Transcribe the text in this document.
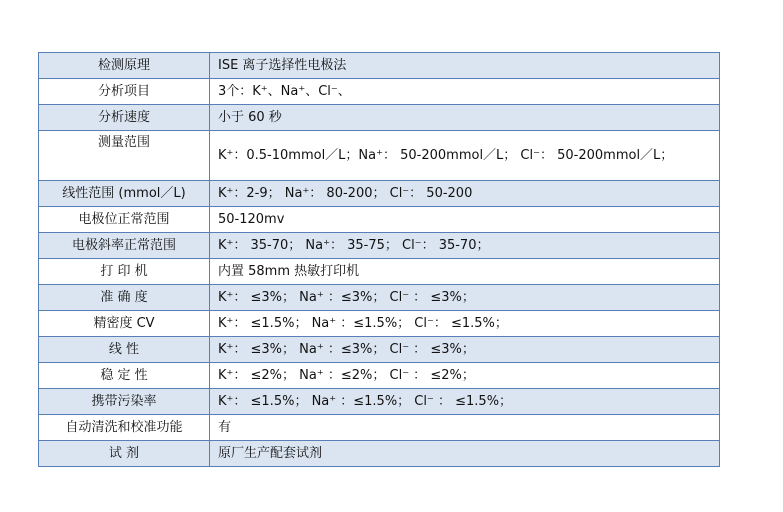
检测原理	ISE 离子选择性电极法
分析项目	3个：K⁺、Na⁺、Cl⁻、
分析速度	小于 60 秒
测量范围	K⁺：0.5-10mmol／L；Na⁺： 50-200mmol／L； Cl⁻： 50-200mmol／L；
线性范围 (mmol／L)	K⁺：2-9； Na⁺： 80-200； Cl⁻： 50-200
电极位正常范围	50-120mv
电极斜率正常范围	K⁺： 35-70； Na⁺： 35-75； Cl⁻： 35-70；
打 印 机	内置 58mm 热敏打印机
准 确 度	K⁺： ≤3%； Na⁺ ：≤3%； Cl⁻ ： ≤3%；
精密度 CV	K⁺： ≤1.5%； Na⁺ ：≤1.5%； Cl⁻： ≤1.5%；
线 性	K⁺： ≤3%； Na⁺ ：≤3%； Cl⁻ ： ≤3%；
稳 定 性	K⁺： ≤2%； Na⁺ ：≤2%； Cl⁻ ： ≤2%；
携带污染率	K⁺： ≤1.5%； Na⁺ ：≤1.5%； Cl⁻ ： ≤1.5%；
自动清洗和校准功能	有
试 剂	原厂生产配套试剂
